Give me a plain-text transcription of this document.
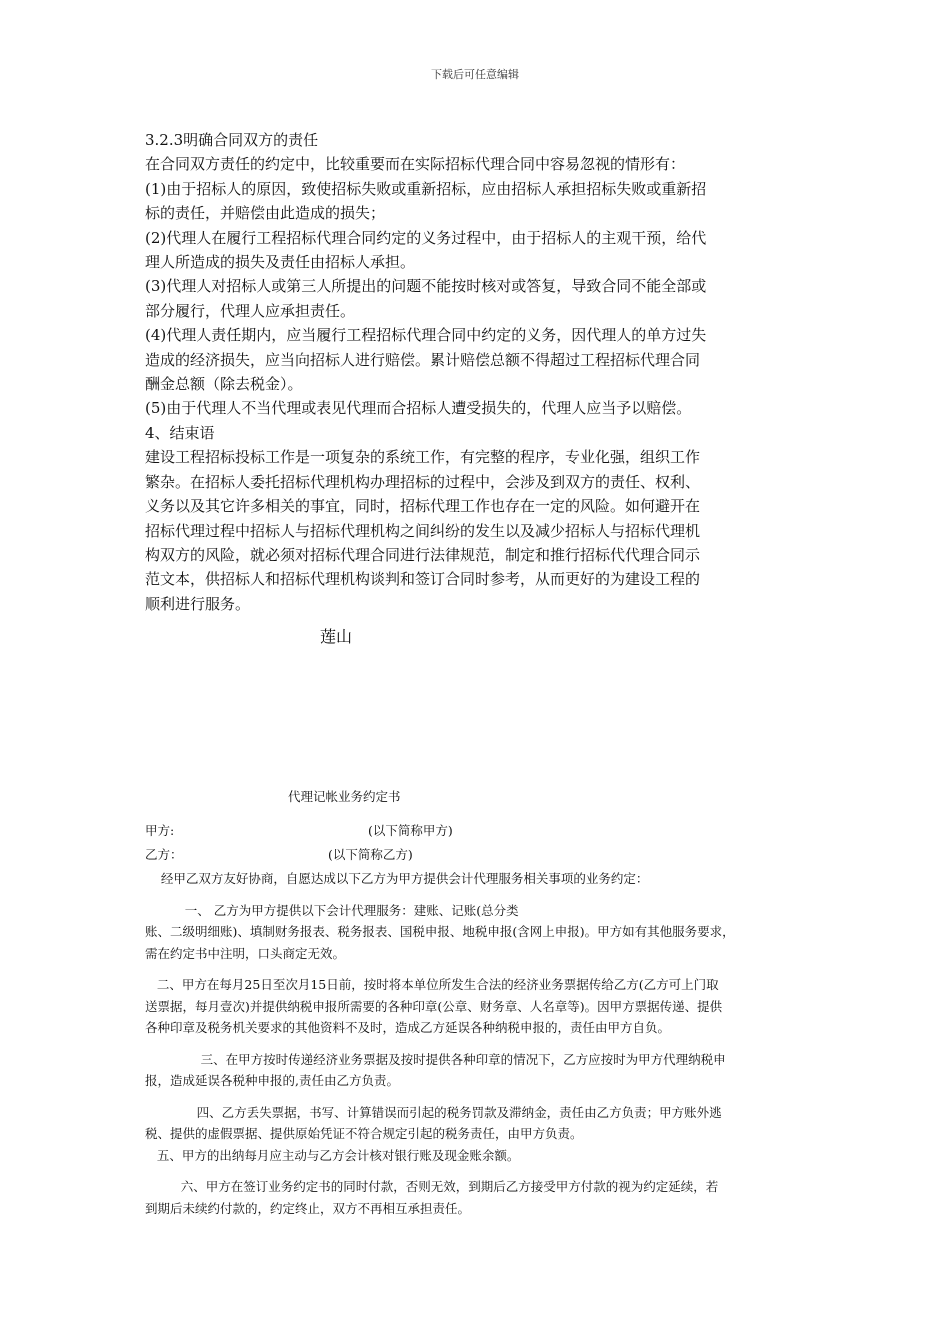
下载后可任意编辑

3.2.3明确合同双方的责任

在合同双方责任的约定中，比较重要而在实际招标代理合同中容易忽视的情形有：

(1)由于招标人的原因，致使招标失败或重新招标，应由招标人承担招标失败或重新招

标的责任，并赔偿由此造成的损失；

(2)代理人在履行工程招标代理合同约定的义务过程中，由于招标人的主观干预，给代

理人所造成的损失及责任由招标人承担。

(3)代理人对招标人或第三人所提出的问题不能按时核对或答复，导致合同不能全部或

部分履行，代理人应承担责任。

(4)代理人责任期内，应当履行工程招标代理合同中约定的义务，因代理人的单方过失

造成的经济损失，应当向招标人进行赔偿。累计赔偿总额不得超过工程招标代理合同

酬金总额（除去税金）。

(5)由于代理人不当代理或表见代理而合招标人遭受损失的，代理人应当予以赔偿。

4、结束语

建设工程招标投标工作是一项复杂的系统工作，有完整的程序，专业化强，组织工作

繁杂。在招标人委托招标代理机构办理招标的过程中，会涉及到双方的责任、权利、

义务以及其它许多相关的事宜，同时，招标代理工作也存在一定的风险。如何避开在

招标代理过程中招标人与招标代理机构之间纠纷的发生以及减少招标人与招标代理机

构双方的风险，就必须对招标代理合同进行法律规范，制定和推行招标代代理合同示

范文本，供招标人和招标代理机构谈判和签订合同时参考，从而更好的为建设工程的

顺利进行服务。

莲山
代理记帐业务约定书
甲方:	(以下简称甲方)
乙方：	(以下简称乙方)

经甲乙双方友好协商，自愿达成以下乙方为甲方提供会计代理服务相关事项的业务约定：

一、 乙方为甲方提供以下会计代理服务：建账、记账(总分类

账、二级明细账)、填制财务报表、税务报表、国税申报、地税申报(含网上申报)。甲方如有其他服务要求，

需在约定书中注明，口头商定无效。

二、甲方在每月25日至次月15日前，按时将本单位所发生合法的经济业务票据传给乙方(乙方可上门取

送票据，每月壹次)并提供纳税申报所需要的各种印章(公章、财务章、人名章等)。因甲方票据传递、提供

各种印章及税务机关要求的其他资料不及时，造成乙方延误各种纳税申报的，责任由甲方自负。

三、在甲方按时传递经济业务票据及按时提供各种印章的情况下，乙方应按时为甲方代理纳税申

报，造成延误各税种申报的,责任由乙方负责。

四、乙方丢失票据，书写、计算错误而引起的税务罚款及滞纳金，责任由乙方负责；甲方账外逃

税、提供的虚假票据、提供原始凭证不符合规定引起的税务责任，由甲方负责。

五、甲方的出纳每月应主动与乙方会计核对银行账及现金账余额。

六、甲方在签订业务约定书的同时付款，否则无效，到期后乙方接受甲方付款的视为约定延续，若

到期后未续约付款的，约定终止，双方不再相互承担责任。
